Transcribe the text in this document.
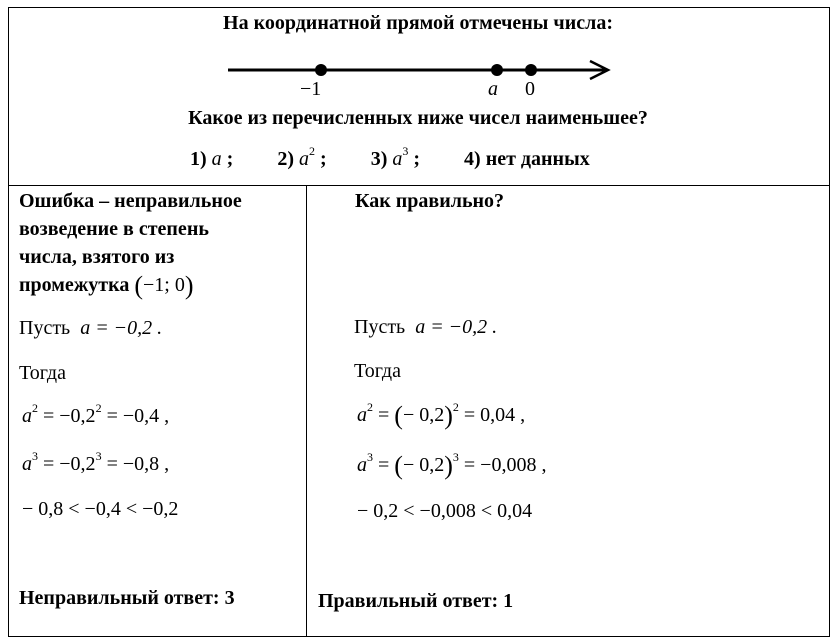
На координатной прямой отмечены числа:
−1	a 0
Какое из перечисленных ниже чисел наименьшее?
1) a ; 2) $a^2$ ; 3) $a^3$ ; 4) нет данных
Ошибка – неправильное
возведение в степень
числа, взятого из
промежутка (−1; 0)
Пусть a = −0,2 .
Тогда
$a^2 = -0,2^2 = -0,4$ ,
$a^3 = -0,2^3 = -0,8$ ,
− 0,8 < −0,4 < −0,2
Неправильный ответ: 3
Как правильно?
Пусть a = −0,2 .
Тогда
$a^2$ = (− 0,2)$^2$ = 0,04 ,
$a^3$ = (− 0,2)$^3$ = −0,008 ,
− 0,2 < −0,008 < 0,04
Правильный ответ: 1
